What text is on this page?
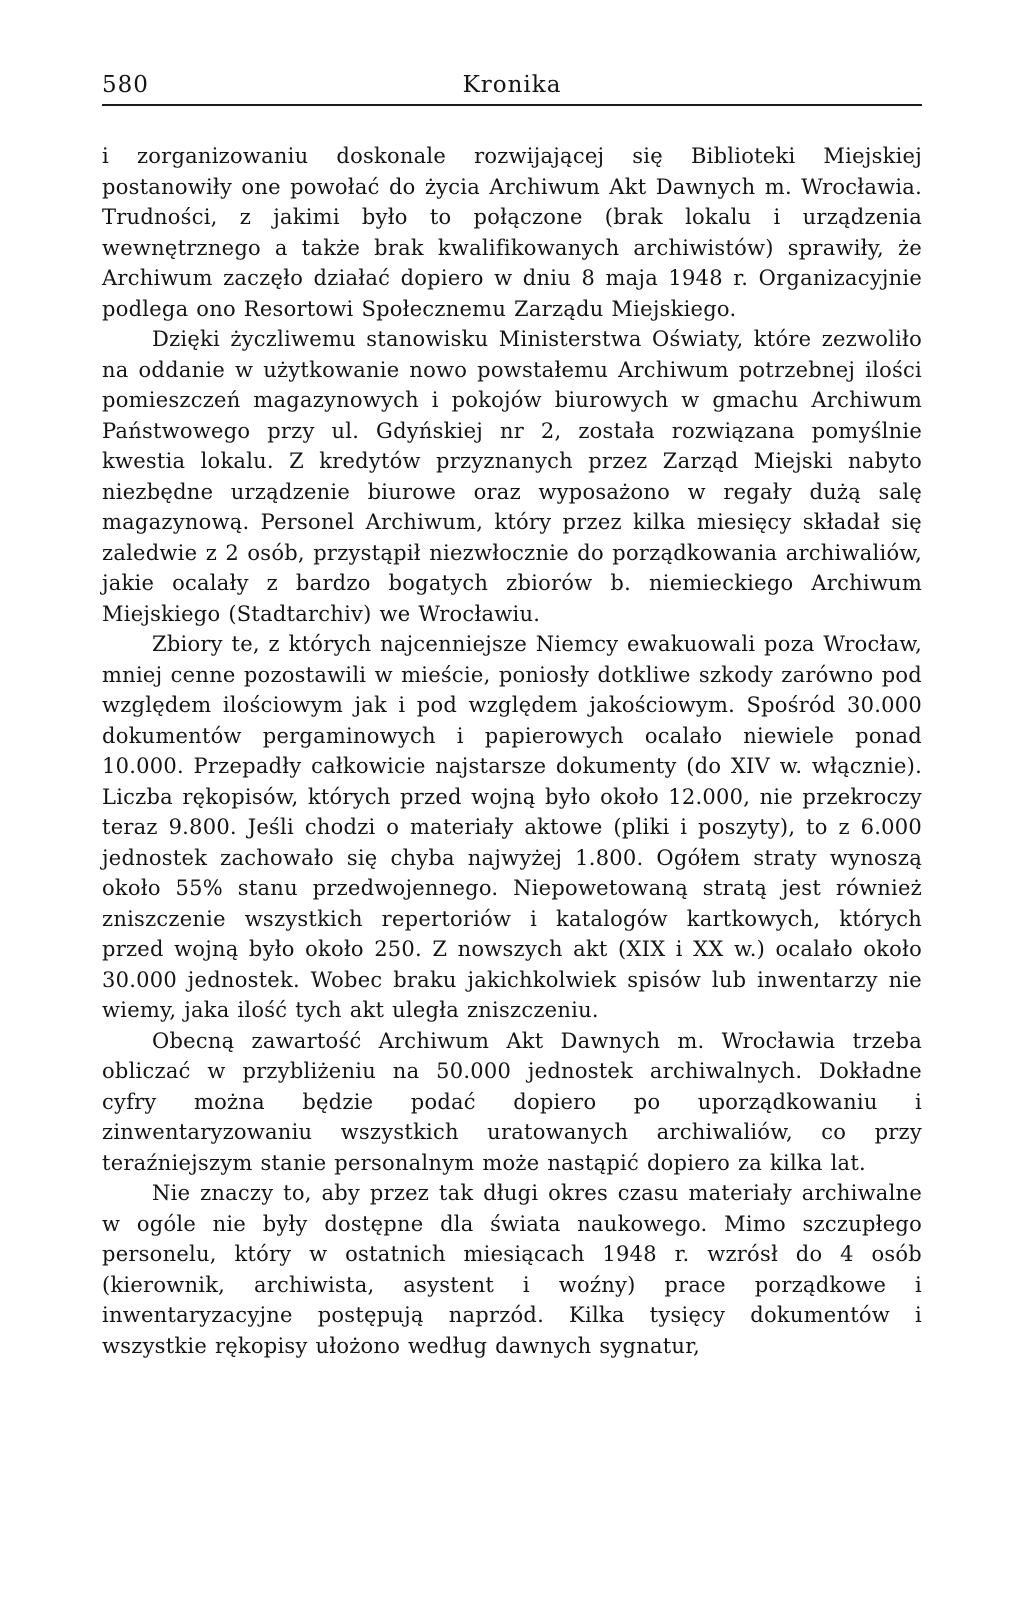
580	Kronika

i zorganizowaniu doskonale rozwijającej się Biblioteki Miejskiej postanowiły one powołać do życia Archiwum Akt Dawnych m. Wrocławia. Trudności, z jakimi było to połączone (brak lokalu i urządzenia wewnętrznego a także brak kwalifikowanych archiwistów) sprawiły, że Archiwum zaczęło działać dopiero w dniu 8 maja 1948 r. Organizacyjnie podlega ono Resortowi Społecznemu Zarządu Miejskiego.

Dzięki życzliwemu stanowisku Ministerstwa Oświaty, które zezwoliło na oddanie w użytkowanie nowo powstałemu Archiwum potrzebnej ilości pomieszczeń magazynowych i pokojów biurowych w gmachu Archiwum Państwowego przy ul. Gdyńskiej nr 2, została rozwiązana pomyślnie kwestia lokalu. Z kredytów przyznanych przez Zarząd Miejski nabyto niezbędne urządzenie biurowe oraz wyposażono w regały dużą salę magazynową. Personel Archiwum, który przez kilka miesięcy składał się zaledwie z 2 osób, przystąpił niezwłocznie do porządkowania archiwaliów, jakie ocalały z bardzo bogatych zbiorów b. niemieckiego Archiwum Miejskiego (Stadtarchiv) we Wrocławiu.

Zbiory te, z których najcenniejsze Niemcy ewakuowali poza Wrocław, mniej cenne pozostawili w mieście, poniosły dotkliwe szkody zarówno pod względem ilościowym jak i pod względem jakościowym. Spośród 30.000 dokumentów pergaminowych i papierowych ocalało niewiele ponad 10.000. Przepadły całkowicie najstarsze dokumenty (do XIV w. włącznie). Liczba rękopisów, których przed wojną było około 12.000, nie przekroczy teraz 9.800. Jeśli chodzi o materiały aktowe (pliki i poszyty), to z 6.000 jednostek zachowało się chyba najwyżej 1.800. Ogółem straty wynoszą około 55% stanu przedwojennego. Niepowetowaną stratą jest również zniszczenie wszystkich repertoriów i katalogów kartkowych, których przed wojną było około 250. Z nowszych akt (XIX i XX w.) ocalało około 30.000 jednostek. Wobec braku jakichkolwiek spisów lub inwentarzy nie wiemy, jaka ilość tych akt uległa zniszczeniu.

Obecną zawartość Archiwum Akt Dawnych m. Wrocławia trzeba obliczać w przybliżeniu na 50.000 jednostek archiwalnych. Dokładne cyfry można będzie podać dopiero po uporządkowaniu i zinwentaryzowaniu wszystkich uratowanych archiwaliów, co przy teraźniejszym stanie personalnym może nastąpić dopiero za kilka lat.

Nie znaczy to, aby przez tak długi okres czasu materiały archiwalne w ogóle nie były dostępne dla świata naukowego. Mimo szczupłego personelu, który w ostatnich miesiącach 1948 r. wzrósł do 4 osób (kierownik, archiwista, asystent i woźny) prace porządkowe i inwentaryzacyjne postępują naprzód. Kilka tysięcy dokumentów i wszystkie rękopisy ułożono według dawnych sygnatur,
